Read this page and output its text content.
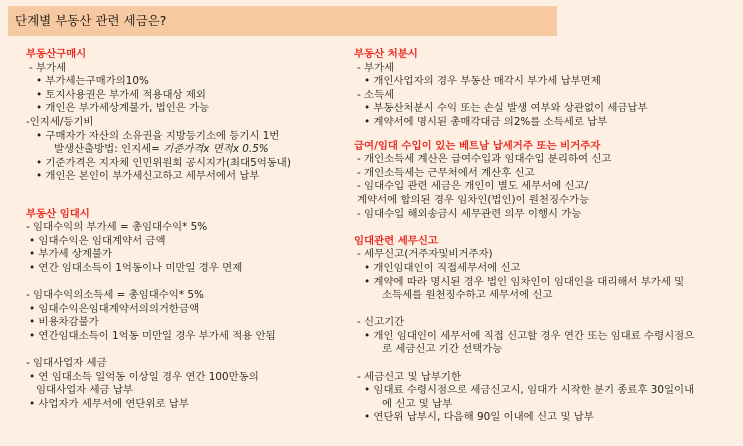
단계별 부동산 관련 세금은?

부동산구매시

- 부가세

• 부가세는구매가의10%

• 토지사용권은 부가세 적용대상 제외

• 개인은 부가세상계불가, 법인은 가능

-인지세/등기비

• 구매자가 자산의 소유권을 지방등기소에 등기시 1번

발생산출방법: 인지세= 기준가격x 면적x 0.5%

• 기준가격은 지자체 인민위원회 공시지가(최대5억동내)

• 개인은 본인이 부가세신고하고 세무서에서 납부

부동산 임대시

- 임대수익의 부가세 = 총임대수익* 5%

• 임대수익은 임대계약서 금액

• 부가세 상계불가

• 연간 임대소득이 1억동이나 미만일 경우 면제

- 임대수익의소득세 = 총임대수익* 5%

• 임대수익은임대계약서의의거한금액

• 비용차감불가

• 연간임대소득이 1억동 미만일 경우 부가세 적용 안됨

- 임대사업자 세금

• 연 임대소득 일억동 이상일 경우 연간 100만동의

임대사업자 세금 납부

• 사업자가 세무서에 연단위로 납부

부동산 처분시

- 부가세

• 개인사업자의 경우 부동산 매각시 부가세 납부면제

- 소득세

• 부동산처분시 수익 또는 손실 발생 여부와 상관없이 세금납부

• 계약서에 명시된 총매각대금 의2%를 소득세로 납부

급여/임대 수입이 있는 베트남 납세거주 또는 비거주자

- 개인소득세 계산은 급여수입과 임대수입 분리하여 신고

- 개인소득세는 근무처에서 계산후 신고

- 임대수입 관련 세금은 개인이 별도 세무서에 신고/

계약서에 합의된 경우 임차인(법인)이 원천징수가능

- 임대수입 해외송금시 세무관련 의무 이행시 가능

임대관련 세무신고

- 세무신고(거주자및비거주자)

• 개인임대인이 직접세무서에 신고

• 계약에 따라 명시된 경우 법인 임차인이 임대인을 대리해서 부가세 및

소득세를 원천징수하고 세무서에 신고

- 신고기간

• 개인 임대인이 세무서에 직접 신고할 경우 연간 또는 임대료 수령시점으

로 세금신고 기간 선택가능

- 세금신고 및 납부기한

• 임대료 수령시점으로 세금신고시, 임대가 시작한 분기 종료후 30일이내

에 신고 및 납부

• 연단위 납부시, 다음해 90일 이내에 신고 및 납부
